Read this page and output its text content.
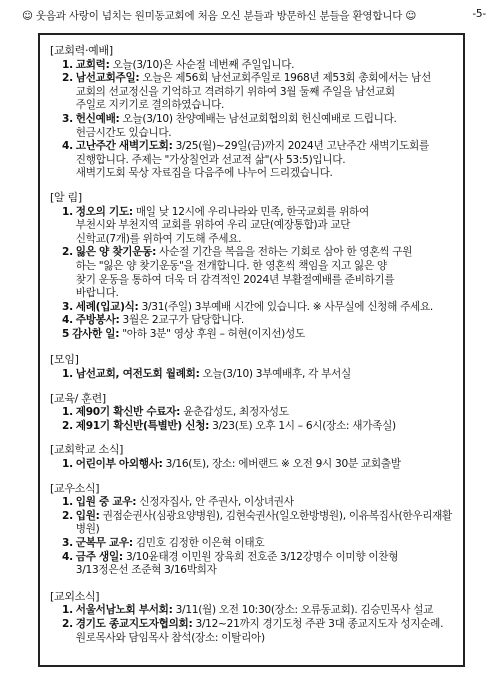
☺ 웃음과 사랑이 넘치는 원미동교회에 처음 오신 분들과 방문하신 분들을 환영합니다 ☺	-5-
[교회력·예배]
1. 교회력: 오늘(3/10)은 사순절 네번째 주일입니다.
2. 남선교회주일: 오늘은 제56회 남선교회주일로 1968년 제53회 총회에서는 남선
교회의 선교정신을 기억하고 격려하기 위하여 3월 둘째 주일을 남선교회
주일로 지키기로 결의하였습니다.
3. 헌신예배: 오늘(3/10) 찬양예배는 남선교회협의회 헌신예배로 드립니다.
헌금시간도 있습니다.
4. 고난주간 새벽기도회: 3/25(월)~29일(금)까지 2024년 고난주간 새벽기도회를
진행합니다. 주제는 "가상칠언과 선교적 삶"(사 53:5)입니다.
새벽기도회 묵상 자료집을 다음주에 나누어 드리겠습니다.
[알 림]
1. 정오의 기도: 매일 낮 12시에 우리나라와 민족, 한국교회를 위하여
부천시와 부천지역 교회를 위하여 우리 교단(예장통합)과 교단
신학교(7개)를 위하여 기도해 주세요.
2. 잃은 양 찾기운동: 사순절 기간을 복음을 전하는 기회로 삼아 한 영혼씩 구원
하는 "잃은 양 찾기운동"을 전개합니다. 한 영혼씩 책임을 지고 잃은 양
찾기 운동을 통하여 더욱 더 감격적인 2024년 부활절예배를 준비하기를
바랍니다.
3. 세례(입교)식: 3/31(주일) 3부예배 시간에 있습니다. ※ 사무실에 신청해 주세요.
4. 주방봉사: 3월은 2교구가 담당합니다.
5 감사한 일: "아하 3분" 영상 후원 – 허현(이지선)성도
[모임]
1. 남선교회, 여전도회 월례회: 오늘(3/10) 3부예배후, 각 부서실
[교육/ 훈련]
1. 제90기 확신반 수료자: 윤춘갑성도, 최정자성도
2. 제91기 확신반(특별반) 신청: 3/23(토) 오후 1시 – 6시(장소: 새가족실)
[교회학교 소식]
1. 어린이부 아외행사: 3/16(토), 장소: 에버랜드 ※ 오전 9시 30분 교회출발
[교우소식]
1. 입원 중 교우: 신정자집사, 안 주권사, 이상녀권사
2. 입원: 권점순권사(심광요양병원), 김현숙권사(일오한방병원), 이유복집사(한우리재활병원)
3. 군복무 교우: 김민호 김정한 이은혁 이태호
4. 금주 생일: 3/10윤태경 이민원 장육희 전호준 3/12강명수 이미향 이찬형
3/13정은선 조준혁 3/16박희자
[교외소식]
1. 서울서남노회 부서회: 3/11(월) 오전 10:30(장소: 오류동교회). 김승민목사 설교
2. 경기도 종교지도자협의회: 3/12~21까지 경기도청 주관 3대 종교지도자 성지순례.
원로목사와 담임목사 참석(장소: 이탈리아)
